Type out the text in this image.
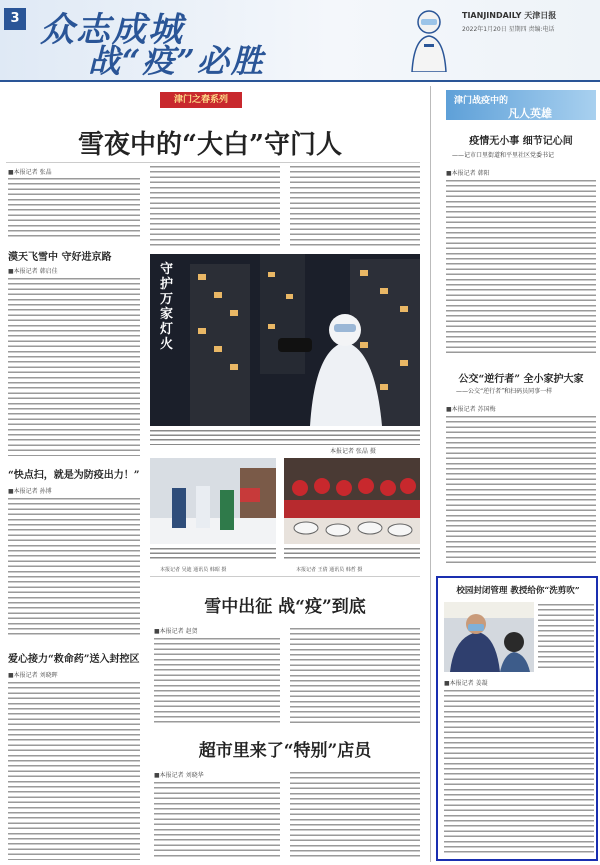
3 众志成城
战“疫”必胜
TIANJINDAILY 天津日报
2022年1月20日 星期四 责编:电话
津门之春系列
雪夜中的“大白”守门人
■本报记者 张晶
漠天飞雪中 守好进京路
■本报记者 韩启佳	守护万家灯火
本报记者 张晶 摄
“快点扫，就是为防疫出力！”
■本报记者 孙博
本报记者 吴迪 通讯员 韩昭 摄	本报记者 王倩 通讯员 韩哲 摄
爱心接力“救命药”送入封控区
■本报记者 刘晓晖
雪中出征 战“疫”到底
■本报记者 赵贺
超市里来了“特别”店员
■本报记者 刘晓华
津门战疫中的
凡人英雄
疫情无小事 细节记心间
——记市口里街道和平里社区党委书记
■本报记者 韩阳
公交“逆行者” 全小家护大家
——公交“逆行者”和扫码员同事一样
■本报记者 苏国梅
校园封闭管理 教授给你“洗剪吹”
■本报记者 姜凝
